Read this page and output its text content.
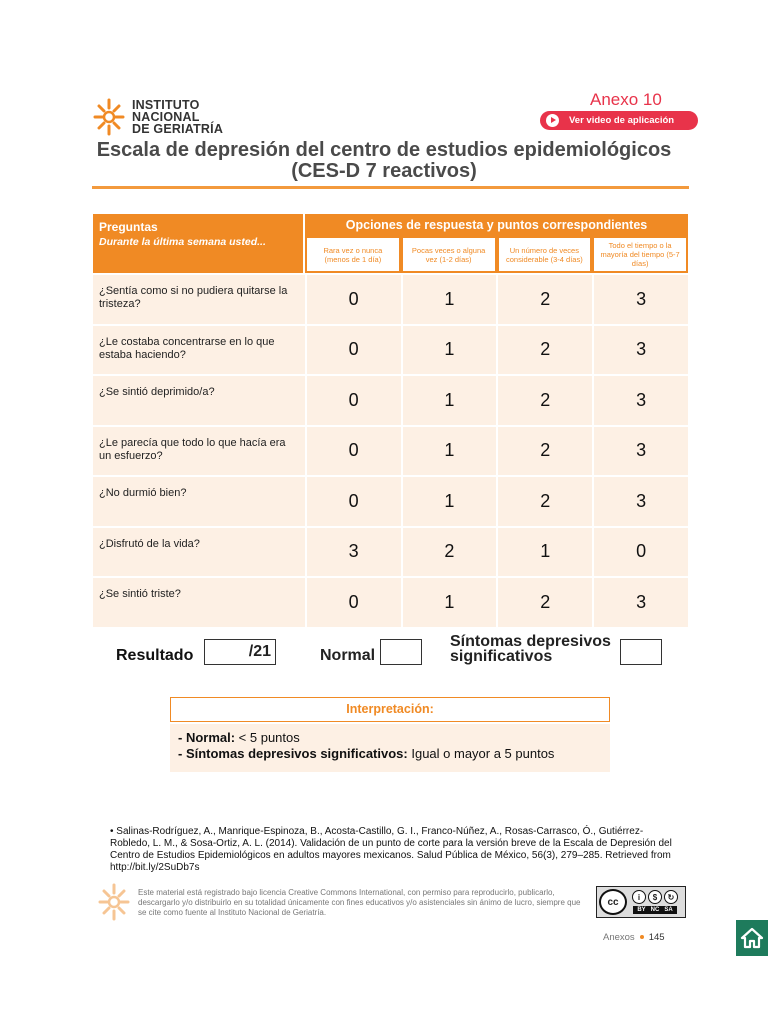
INSTITUTO
NACIONAL
DE GERIATRÍA
Anexo 10
Ver video de aplicación
Escala de depresión del centro de estudios epidemiológicos
(CES-D 7 reactivos)
Preguntas
Durante la última semana usted...
Opciones de respuesta y puntos correspondientes
Rara vez o nunca (menos de 1 día)
Pocas veces o alguna vez (1-2 días)
Un número de veces considerable (3-4 días)
Todo el tiempo o la mayoría del tiempo (5-7 días)
¿Sentía como si no pudiera quitarse la tristeza?	0	1	2	3
¿Le costaba concentrarse en lo que estaba haciendo?	0	1	2	3
¿Se sintió deprimido/a?	0	1	2	3
¿Le parecía que todo lo que hacía era un esfuerzo?	0	1	2	3
¿No durmió bien?	0	1	2	3
¿Disfrutó de la vida?	3	2	1	0
¿Se sintió triste?	0	1	2	3
Resultado	/21	Normal
Síntomas depresivos significativos
Interpretación:
- Normal: < 5 puntos
- Síntomas depresivos significativos: Igual o mayor a 5 puntos
• Salinas-Rodríguez, A., Manrique-Espinoza, B., Acosta-Castillo, G. I., Franco-Núñez, A., Rosas-Carrasco, Ó., Gutiérrez-Robledo, L. M., & Sosa-Ortiz, A. L. (2014). Validación de un punto de corte para la versión breve de la Escala de Depresión del Centro de Estudios Epidemiológicos en adultos mayores mexicanos. Salud Pública de México, 56(3), 279–285. Retrieved from http://bit.ly/2SuDb7s
Este material está registrado bajo licencia Creative Commons International, con permiso para reproducirlo, publicarlo, descargarlo y/o distribuirlo en su totalidad únicamente con fines educativos y/o asistenciales sin ánimo de lucro, siempre que se cite como fuente al Instituto Nacional de Geriatría.
cc	i	$	↻
BY NC SA
Anexos 145
